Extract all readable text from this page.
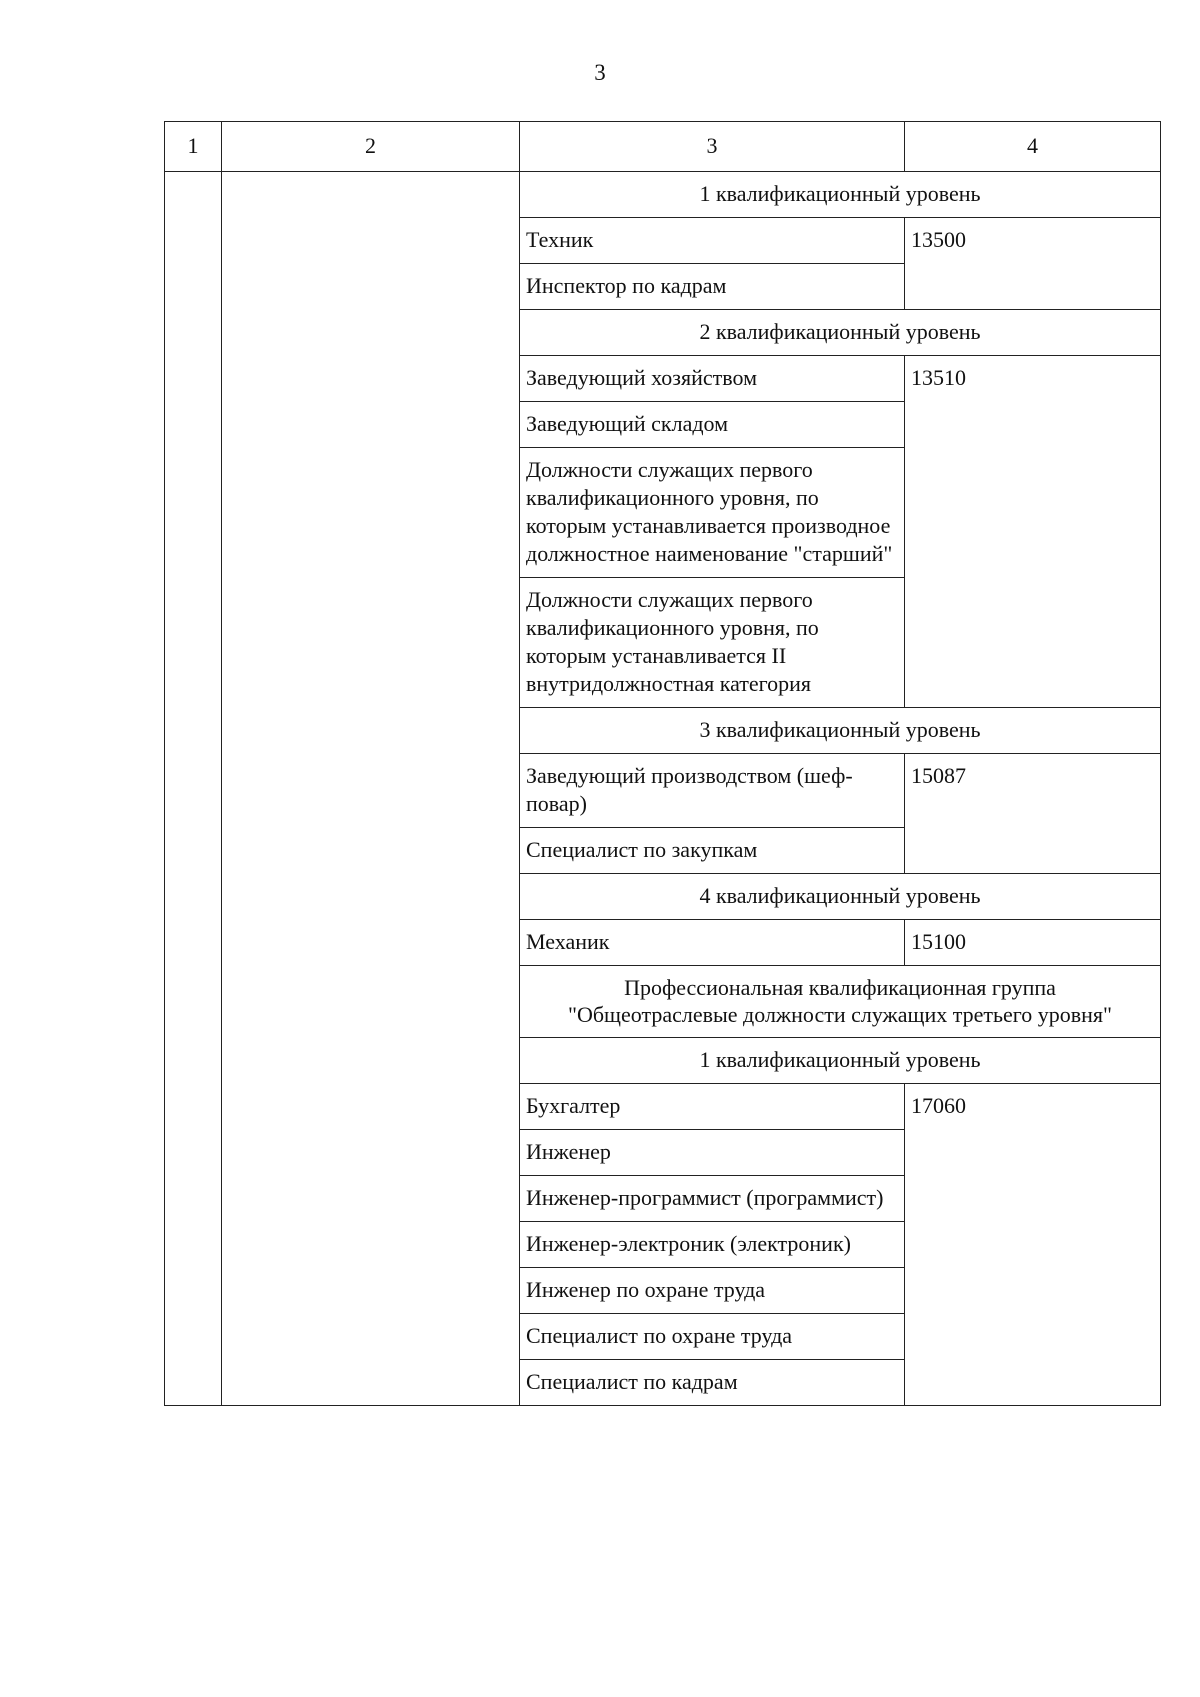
3
1	2	3	4
		1 квалификационный уровень	
		Техник	13500
		Инспектор по кадрам	
		2 квалификационный уровень	
		Заведующий хозяйством	13510
		Заведующий складом	
		Должности служащих первого квалификационного уровня, по которым устанавливается производное должностное наименование "старший"	
		Должности служащих первого квалификационного уровня, по которым устанавливается II внутридолжностная категория	
		3 квалификационный уровень	
		Заведующий производством (шеф-повар)	15087
		Специалист по закупкам	
		4 квалификационный уровень	
		Механик	15100

		Профессиональная квалификационная группа
"Общеотраслевые должности служащих третьего уровня"	

		1 квалификационный уровень	
		Бухгалтер	17060
		Инженер	
		Инженер-программист (программист)	
		Инженер-электроник (электроник)	
		Инженер по охране труда	
		Специалист по охране труда	
		Специалист по кадрам	
